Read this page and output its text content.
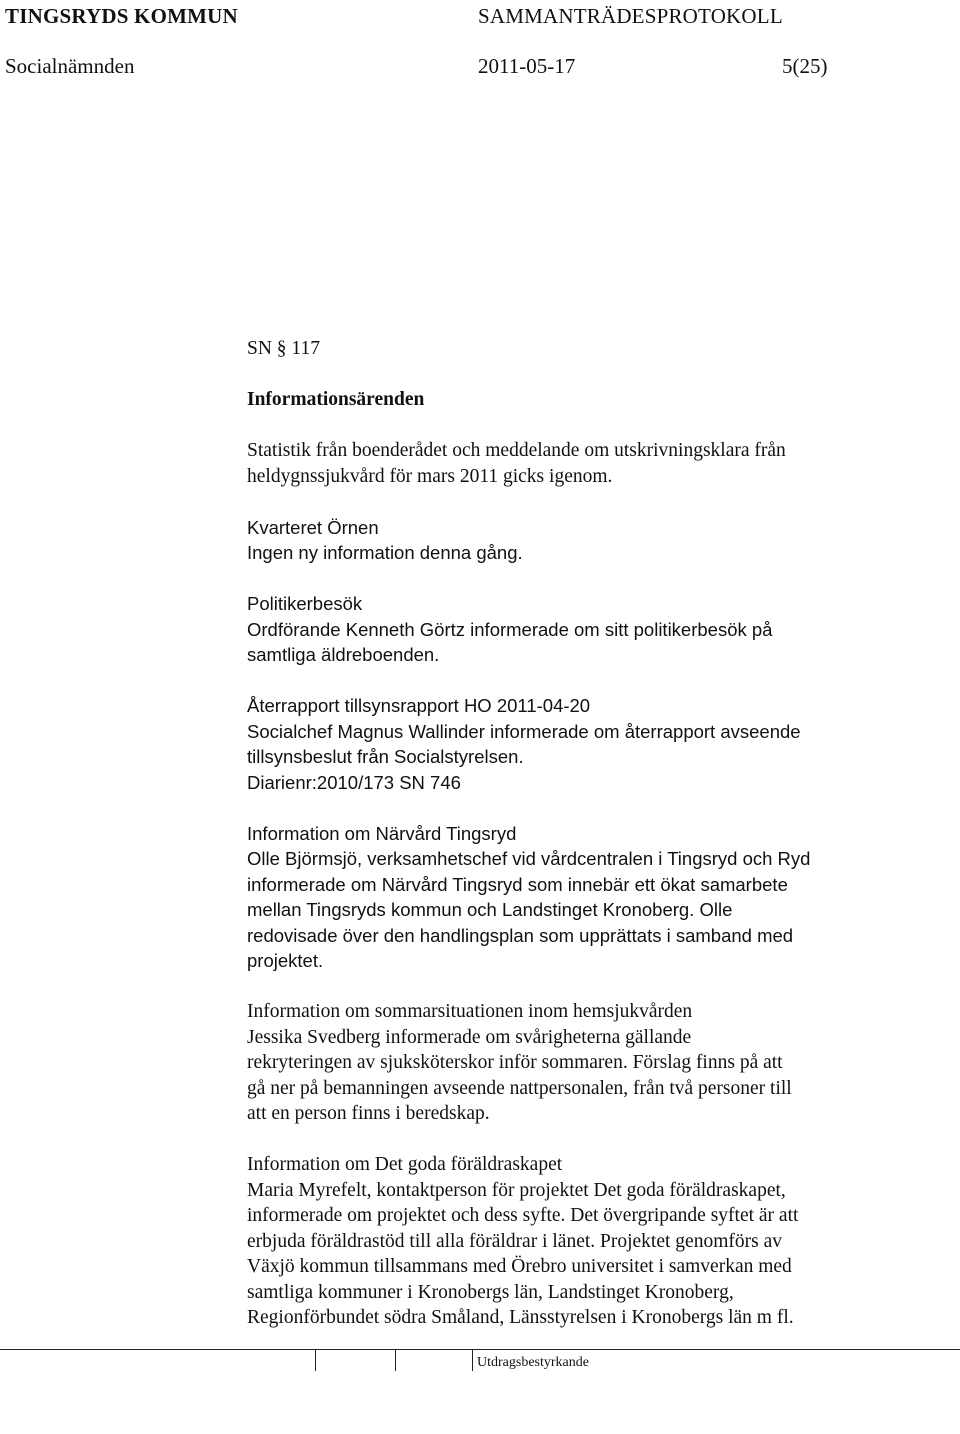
TINGSRYDS KOMMUN	SAMMANTRÄDESPROTOKOLL
Socialnämnden	2011-05-17	5(25)
SN § 117
Informationsärenden
Statistik från boenderådet och meddelande om utskrivningsklara från
heldygnssjukvård för mars 2011 gicks igenom.
Kvarteret Örnen
Ingen ny information denna gång.
Politikerbesök
Ordförande Kenneth Görtz informerade om sitt politikerbesök på
samtliga äldreboenden.
Återrapport tillsynsrapport HO 2011-04-20
Socialchef Magnus Wallinder informerade om återrapport avseende
tillsynsbeslut från Socialstyrelsen.
Diarienr:2010/173 SN 746
Information om Närvård Tingsryd
Olle Björmsjö, verksamhetschef vid vårdcentralen i Tingsryd och Ryd
informerade om Närvård Tingsryd som innebär ett ökat samarbete
mellan Tingsryds kommun och Landstinget Kronoberg. Olle
redovisade över den handlingsplan som upprättats i samband med
projektet.
Information om sommarsituationen inom hemsjukvården
Jessika Svedberg informerade om svårigheterna gällande
rekryteringen av sjuksköterskor inför sommaren. Förslag finns på att
gå ner på bemanningen avseende nattpersonalen, från två personer till
att en person finns i beredskap.
Information om Det goda föräldraskapet
Maria Myrefelt, kontaktperson för projektet Det goda föräldraskapet,
informerade om projektet och dess syfte. Det övergripande syftet är att
erbjuda föräldrastöd till alla föräldrar i länet. Projektet genomförs av
Växjö kommun tillsammans med Örebro universitet i samverkan med
samtliga kommuner i Kronobergs län, Landstinget Kronoberg,
Regionförbundet södra Småland, Länsstyrelsen i Kronobergs län m fl.
Utdragsbestyrkande
